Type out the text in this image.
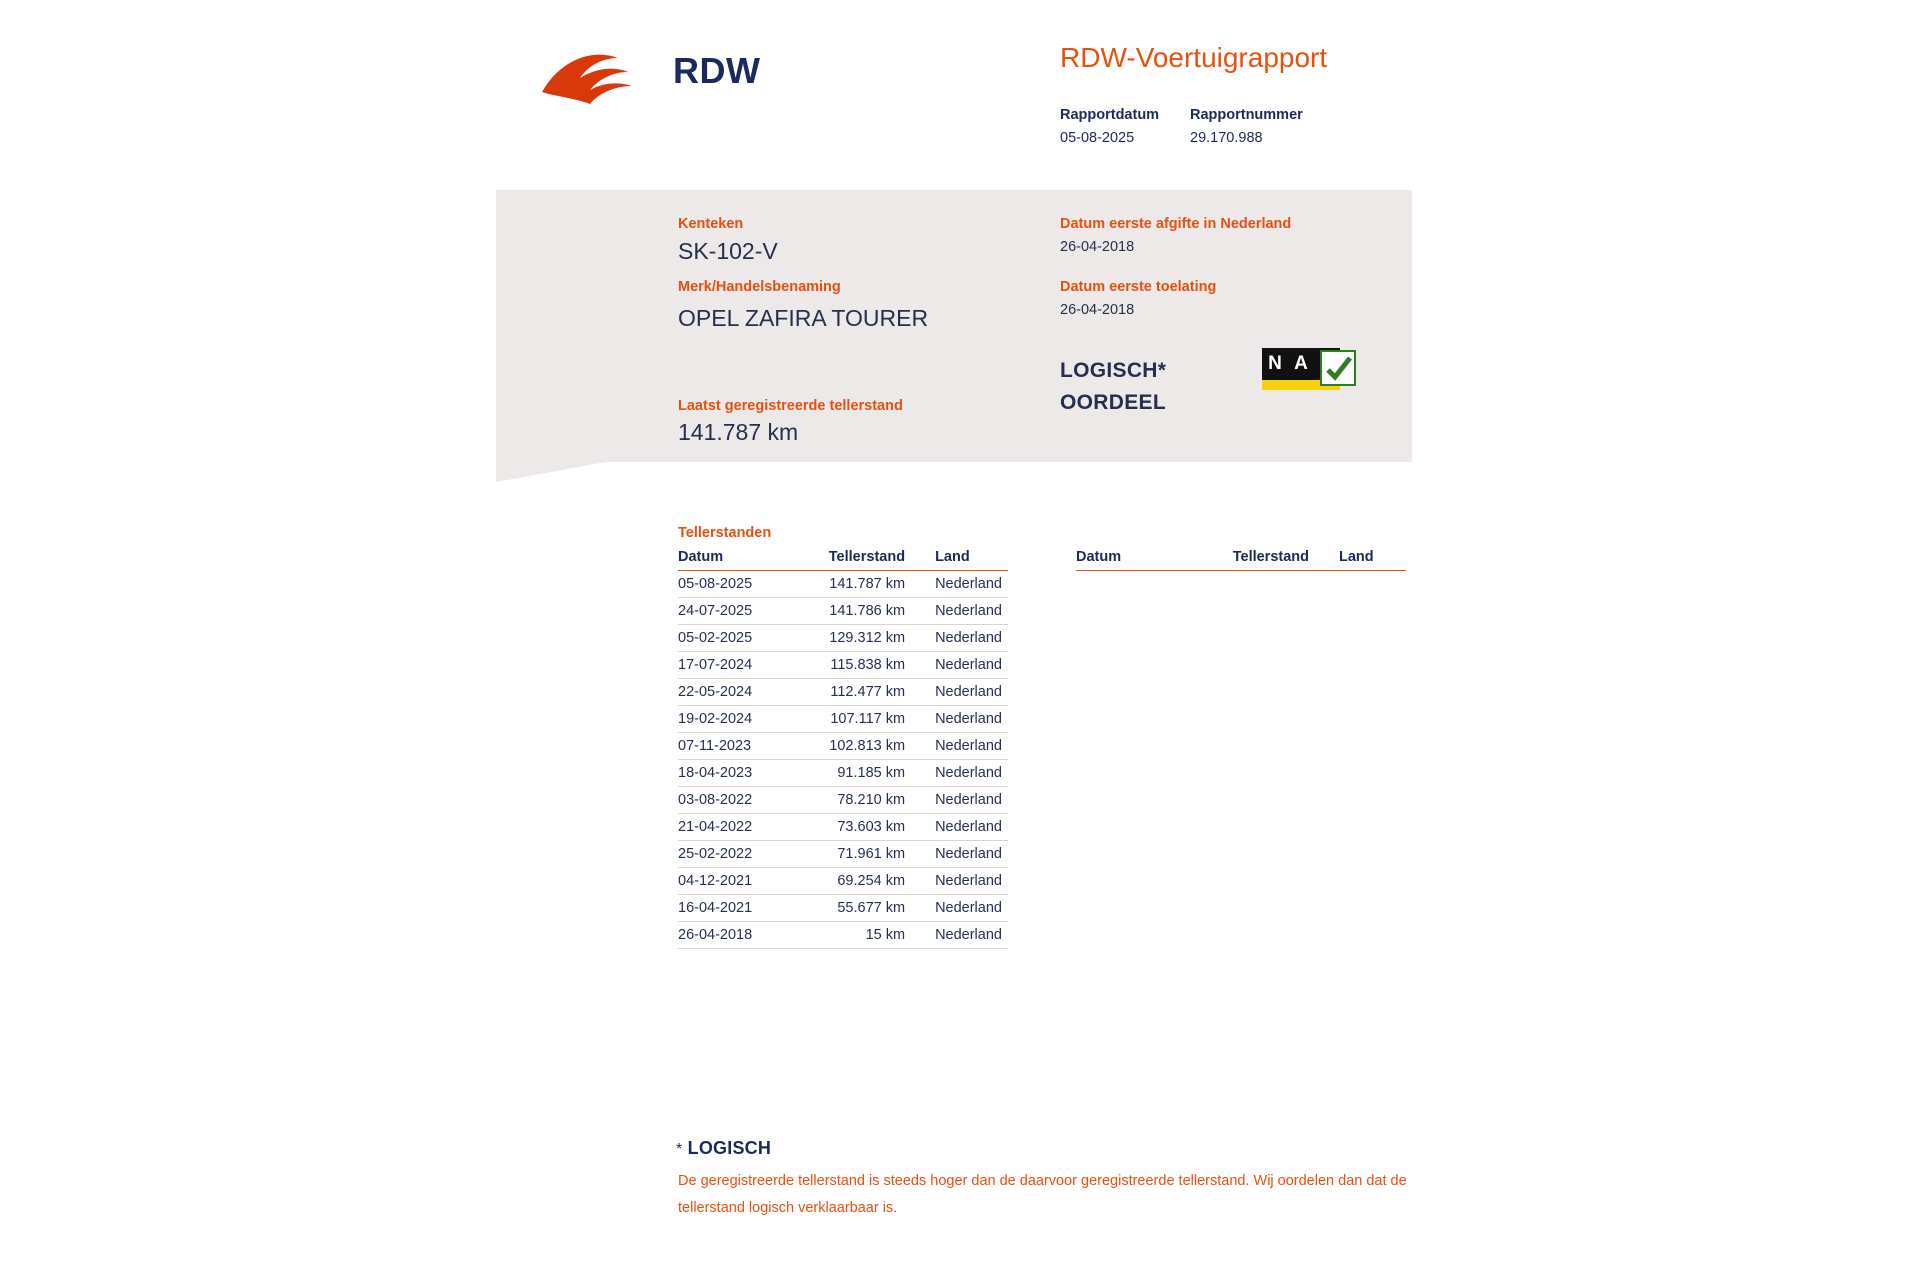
RDW	RDW-Voertuigrapport
Rapportdatum Rapportnummer
05-08-2025	29.170.988
Kenteken
SK-102-V
Merk/Handelsbenaming
OPEL ZAFIRA TOURER
Laatst geregistreerde tellerstand
141.787 km
Datum eerste afgifte in Nederland
26-04-2018
Datum eerste toelating
26-04-2018
LOGISCH*
OORDEEL
N A
Tellerstanden
Datum	Tellerstand	Land
05-08-2025	141.787 km	Nederland
24-07-2025	141.786 km	Nederland
05-02-2025	129.312 km	Nederland
17-07-2024	115.838 km	Nederland
22-05-2024	112.477 km	Nederland
19-02-2024	107.117 km	Nederland
07-11-2023	102.813 km	Nederland
18-04-2023	91.185 km	Nederland
03-08-2022	78.210 km	Nederland
21-04-2022	73.603 km	Nederland
25-02-2022	71.961 km	Nederland
04-12-2021	69.254 km	Nederland
16-04-2021	55.677 km	Nederland
26-04-2018	15 km	Nederland
Datum	Tellerstand	Land
* LOGISCH
De geregistreerde tellerstand is steeds hoger dan de daarvoor geregistreerde tellerstand. Wij oordelen dan dat de tellerstand logisch verklaarbaar is.
